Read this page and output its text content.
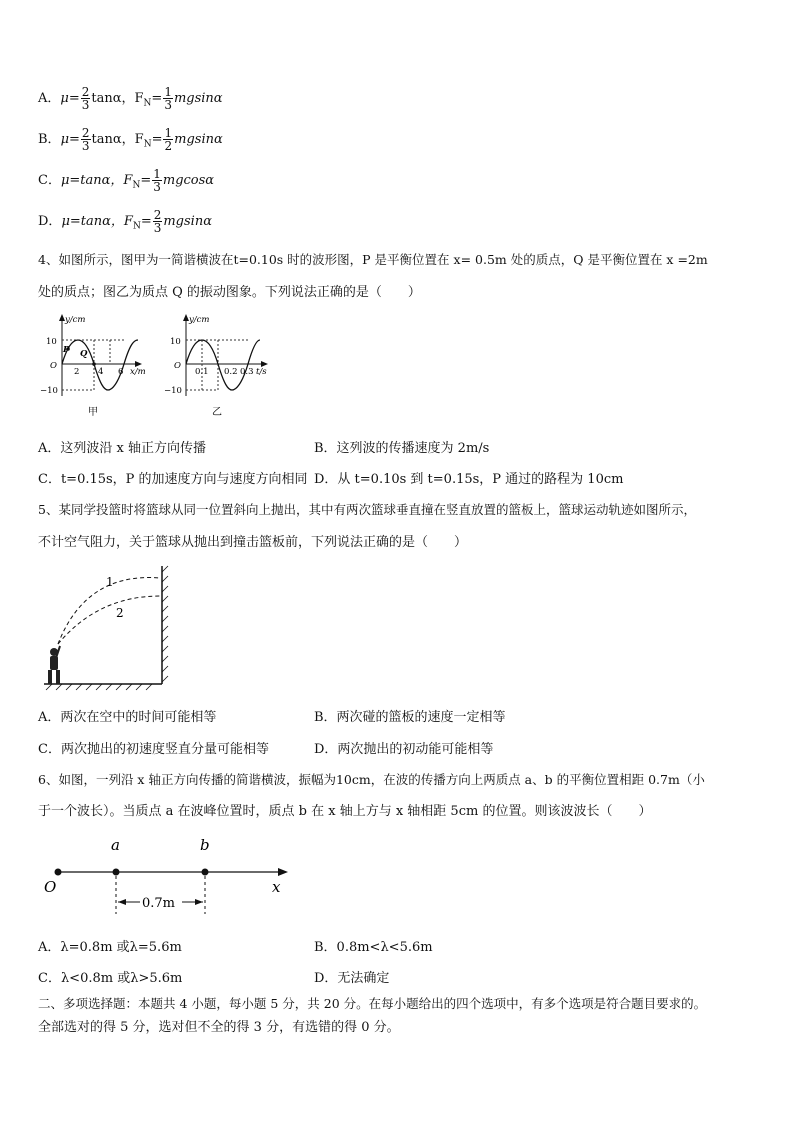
A．$\mu= \frac{2}{3}$ tanα，$F_N= \frac{1}{3}$ mgsinα
B．$\mu= \frac{2}{3}$ tanα，$F_N= \frac{1}{2}$ mgsinα
C．μ=tanα，$F_N= \frac{1}{3}$ mgcosα
D．μ=tanα，$F_N= \frac{2}{3}$ mgsinα
4、如图所示，图甲为一简谐横波在t=0.10s 时的波形图，P 是平衡位置在 x= 0.5m 处的质点，Q 是平衡位置在 x =2m
处的质点；图乙为质点 Q 的振动图象。下列说法正确的是（　　）
y/cm
10
O
−10
P Q
2 4 6 x/m
甲
y/cm
10
O
−10
0.1 0.2 0.3 t/s
乙
A．这列波沿 x 轴正方向传播	B．这列波的传播速度为 2m/s
C．t=0.15s，P 的加速度方向与速度方向相同 D．从 t=0.10s 到 t=0.15s，P 通过的路程为 10cm
5、某同学投篮时将篮球从同一位置斜向上抛出，其中有两次篮球垂直撞在竖直放置的篮板上，篮球运动轨迹如图所示，
不计空气阻力，关于篮球从抛出到撞击篮板前，下列说法正确的是（　　）
1
2
A．两次在空中的时间可能相等	B．两次碰的篮板的速度一定相等
C．两次抛出的初速度竖直分量可能相等	D．两次抛出的初动能可能相等
6、如图，一列沿 x 轴正方向传播的简谐横波，振幅为10cm，在波的传播方向上两质点 a、b 的平衡位置相距 0.7m（小
于一个波长）。当质点 a 在波峰位置时，质点 b 在 x 轴上方与 x 轴相距 5cm 的位置。则该波波长（　　）
O
a	b
x
0.7m
A．λ=0.8m 或λ=5.6m	B．0.8m<λ<5.6m
C．λ<0.8m 或λ>5.6m	D．无法确定
二、多项选择题：本题共 4 小题，每小题 5 分，共 20 分。在每小题给出的四个选项中，有多个选项是符合题目要求的。
全部选对的得 5 分，选对但不全的得 3 分，有选错的得 0 分。
